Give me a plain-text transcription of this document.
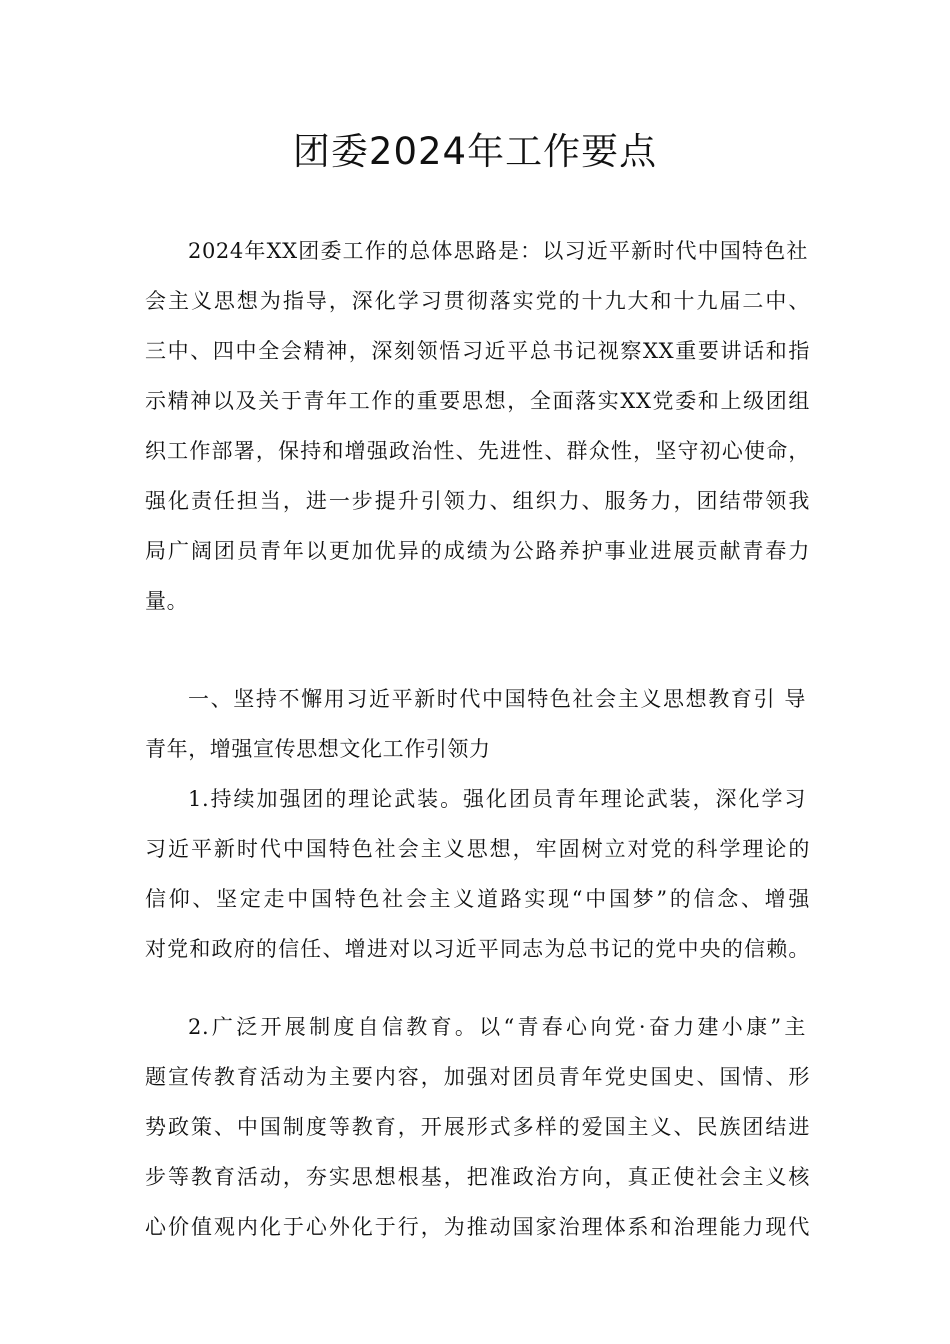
团委2024年工作要点

2024年XX团委工作的总体思路是：以习近平新时代中国特色社

会主义思想为指导，深化学习贯彻落实党的十九大和十九届二中、

三中、四中全会精神，深刻领悟习近平总书记视察XX重要讲话和指

示精神以及关于青年工作的重要思想，全面落实XX党委和上级团组

织工作部署，保持和增强政治性、先进性、群众性，坚守初心使命，

强化责任担当，进一步提升引领力、组织力、服务力，团结带领我

局广阔团员青年以更加优异的成绩为公路养护事业进展贡献青春力

量。

一、坚持不懈用习近平新时代中国特色社会主义思想教育引 导

青年，增强宣传思想文化工作引领力

1.持续加强团的理论武装。强化团员青年理论武装，深化学习

习近平新时代中国特色社会主义思想，牢固树立对党的科学理论的

信仰、坚定走中国特色社会主义道路实现“中国梦”的信念、增强

对党和政府的信任、增进对以习近平同志为总书记的党中央的信赖。

2.广泛开展制度自信教育。以“青春心向党·奋力建小康”主

题宣传教育活动为主要内容，加强对团员青年党史国史、国情、形

势政策、中国制度等教育，开展形式多样的爱国主义、民族团结进

步等教育活动，夯实思想根基，把准政治方向，真正使社会主义核

心价值观内化于心外化于行，为推动国家治理体系和治理能力现代
